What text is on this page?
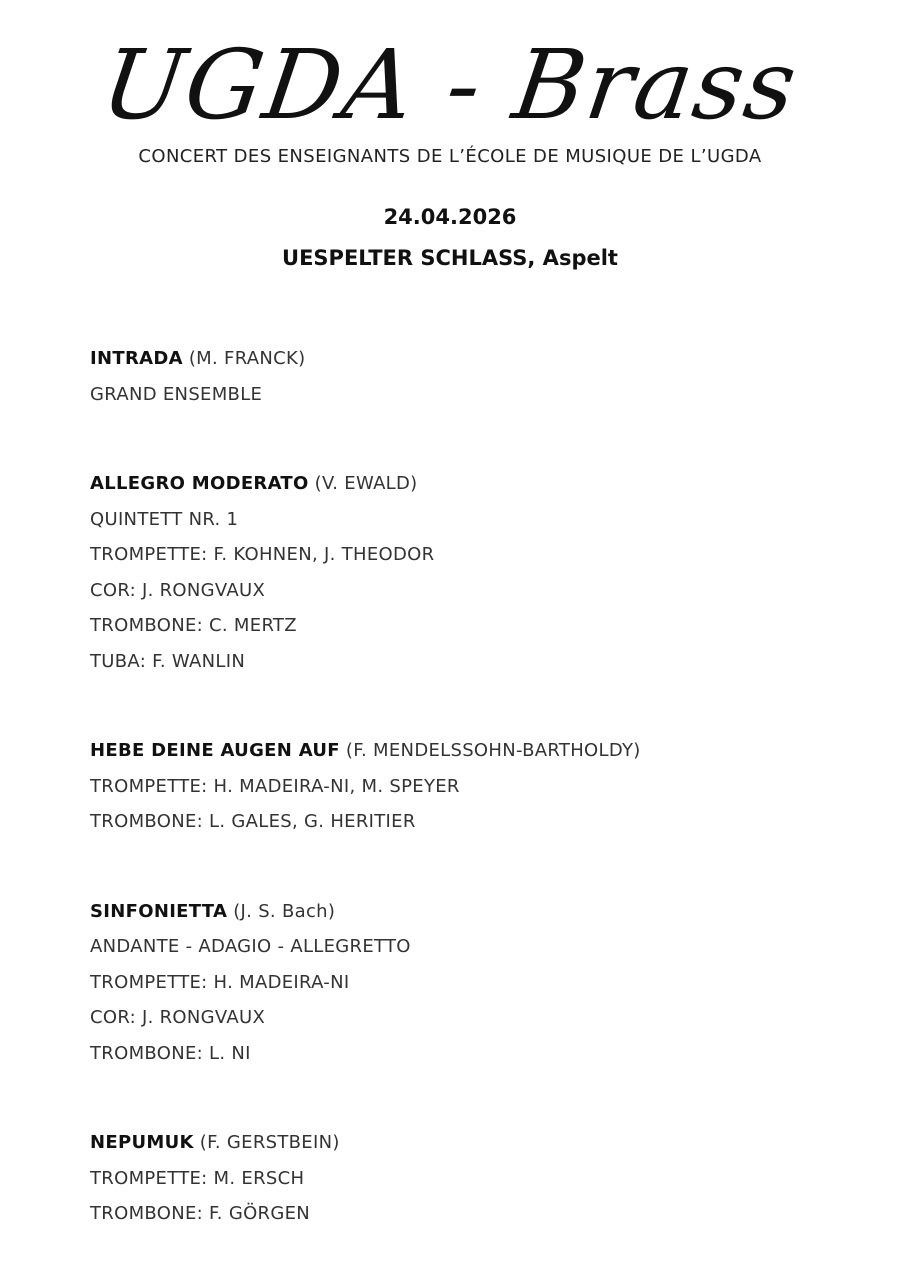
UGDA - Brass
CONCERT DES ENSEIGNANTS DE L’ÉCOLE DE MUSIQUE DE L’UGDA
24.04.2026
UESPELTER SCHLASS, Aspelt
INTRADA (M. FRANCK)
GRAND ENSEMBLE
ALLEGRO MODERATO (V. EWALD)
QUINTETT NR. 1
TROMPETTE: F. KOHNEN, J. THEODOR
COR: J. RONGVAUX
TROMBONE: C. MERTZ
TUBA: F. WANLIN
HEBE DEINE AUGEN AUF (F. MENDELSSOHN-BARTHOLDY)
TROMPETTE: H. MADEIRA-NI, M. SPEYER
TROMBONE: L. GALES, G. HERITIER
SINFONIETTA (J. S. Bach)
ANDANTE - ADAGIO - ALLEGRETTO
TROMPETTE: H. MADEIRA-NI
COR: J. RONGVAUX
TROMBONE: L. NI
NEPUMUK (F. GERSTBEIN)
TROMPETTE: M. ERSCH
TROMBONE: F. GÖRGEN
